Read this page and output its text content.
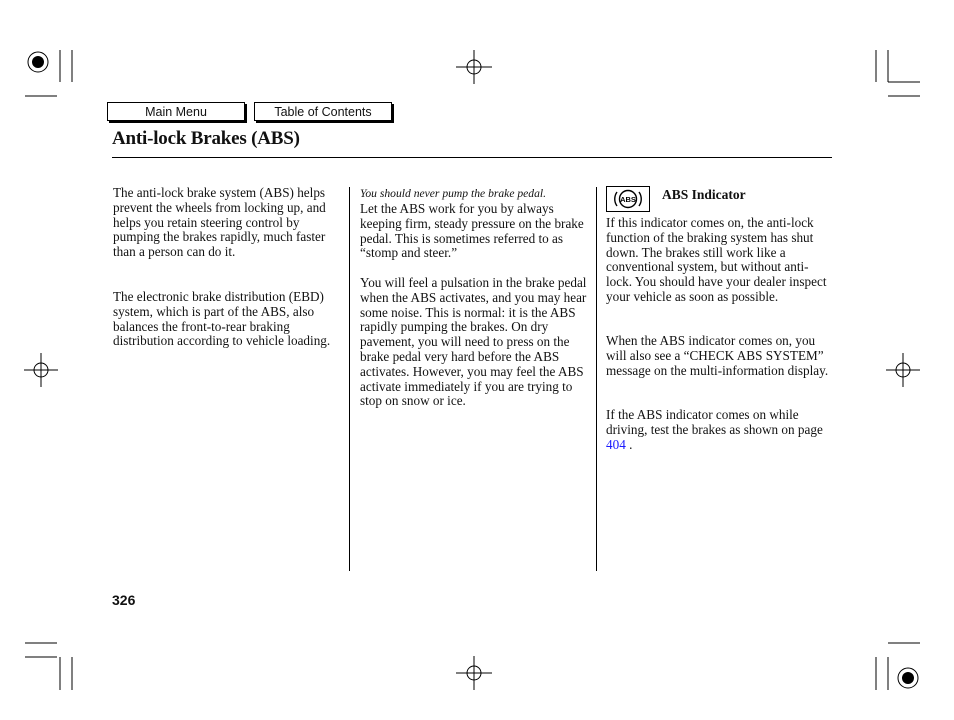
Main Menu	Table of Contents
Anti-lock Brakes (ABS)

The anti-lock brake system (ABS) helps prevent the wheels from locking up, and helps you retain steering control by pumping the brakes rapidly, much faster than a person can do it.

The electronic brake distribution (EBD) system, which is part of the ABS, also balances the front-to-rear braking distribution according to vehicle loading.

You should never pump the brake pedal.

Let the ABS work for you by always keeping firm, steady pressure on the brake pedal. This is sometimes referred to as “stomp and steer.”

You will feel a pulsation in the brake pedal when the ABS activates, and you may hear some noise. This is normal: it is the ABS rapidly pumping the brakes. On dry pavement, you will need to press on the brake pedal very hard before the ABS activates. However, you may feel the ABS activate immediately if you are trying to stop on snow or ice.

ABS ABS Indicator

If this indicator comes on, the anti-lock function of the braking system has shut down. The brakes still work like a conventional system, but without anti-lock. You should have your dealer inspect your vehicle as soon as possible.

When the ABS indicator comes on, you will also see a “CHECK ABS SYSTEM” message on the multi-information display.

If the ABS indicator comes on while driving, test the brakes as shown on page 404 .

326
